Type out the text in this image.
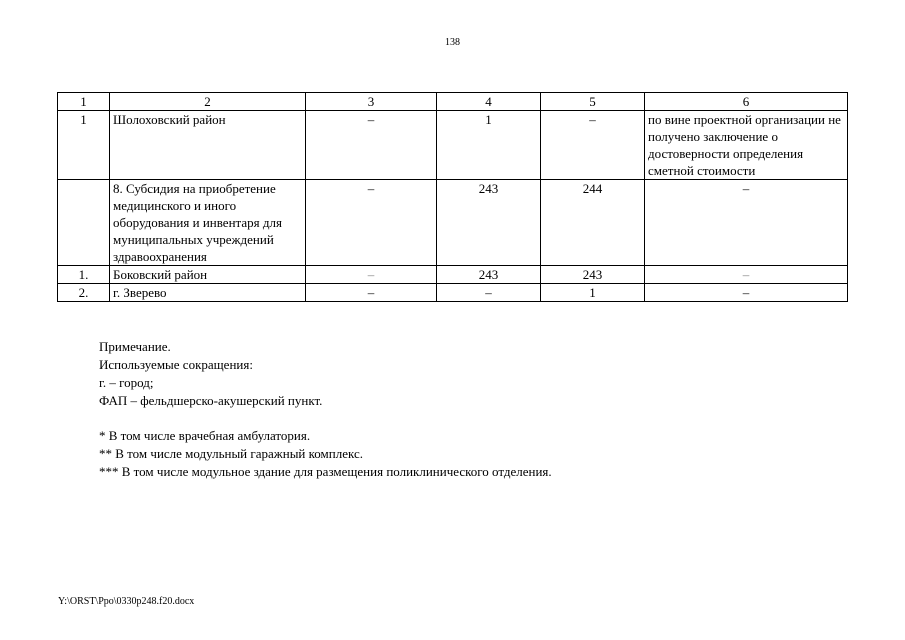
138
1	2	3	4	5	6
1	Шолоховский район	–	1	–	по вине проектной организации не получено заключение о достоверности определения сметной стоимости
	8. Субсидия на приобретение медицинского и иного оборудования и инвентаря для муниципальных учреждений здравоохранения	–	243	244	–
1.	Боковский район	–	243	243	–
2.	г. Зверево	–	–	1	–
Примечание.
Используемые сокращения:
г. – город;
ФАП – фельдшерско-акушерский пункт.
* В том числе врачебная амбулатория.
** В том числе модульный гаражный комплекс.
*** В том числе модульное здание для размещения поликлинического отделения.
Y:\ORST\Ppo\0330p248.f20.docx
